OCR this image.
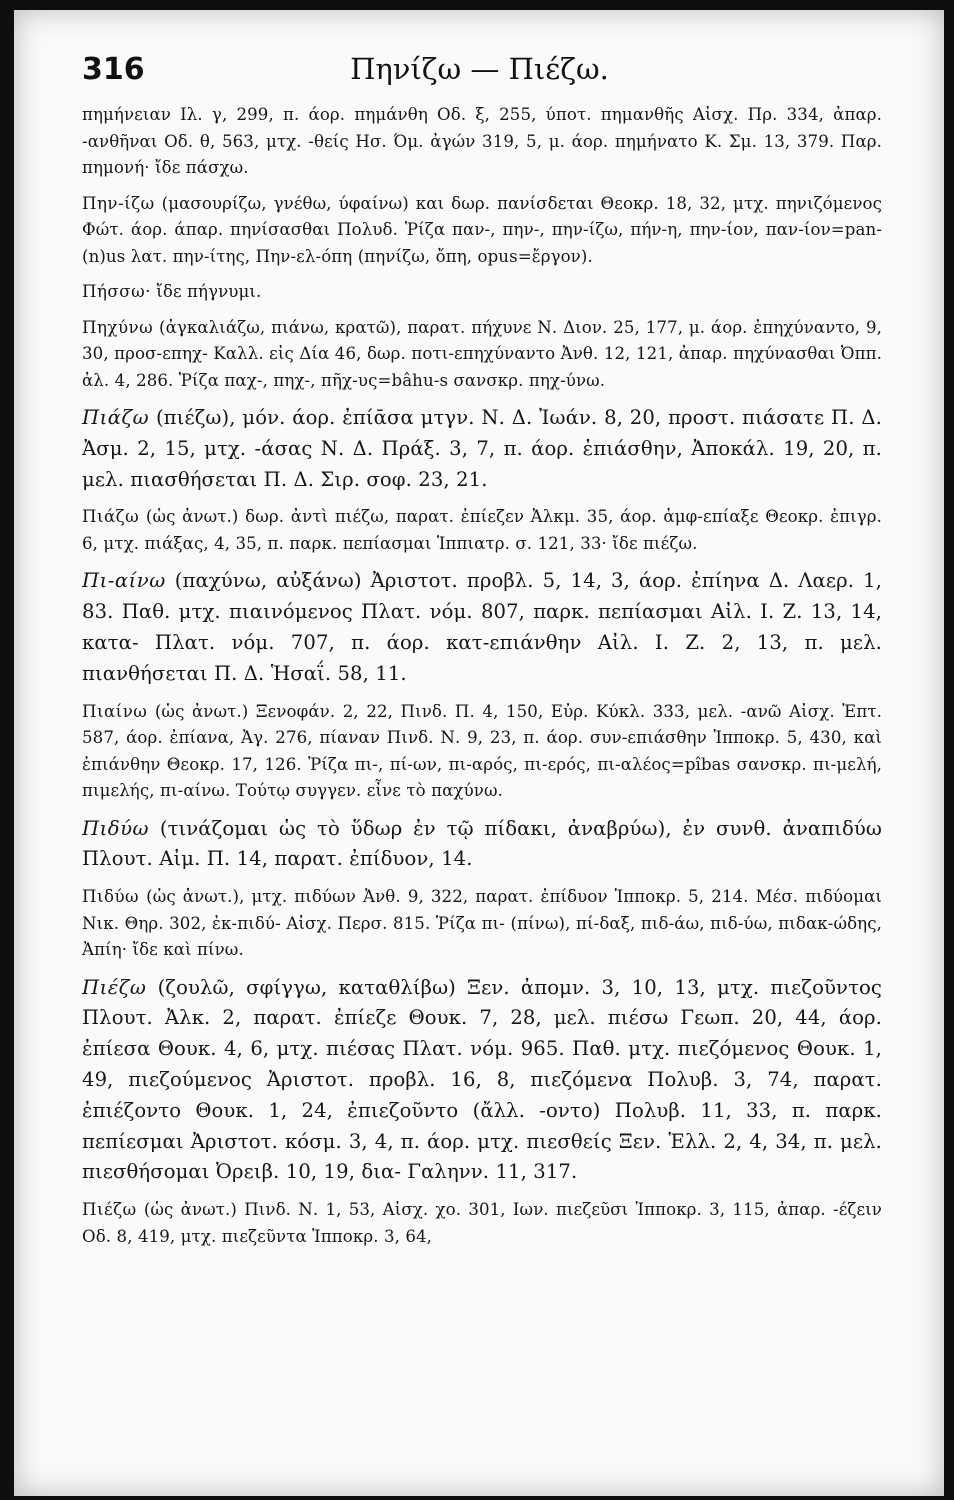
316	Πηνίζω — Πιέζω.

πημήνειαν Ιλ. γ, 299, π. άορ. πημάνθη Οδ. ξ, 255, ύποτ. πημανθῆς Αἰσχ. Πρ. 334, ἀπαρ. -ανθῆναι Οδ. θ, 563, μτχ. -θείς Ησ. Όμ. ἀγών 319, 5, μ. άορ. πημήνατο Κ. Σμ. 13, 379. Παρ. πημονή· ἴδε πάσχω.

Πην-ίζω (μασουρίζω, γνέθω, ύφαίνω) και δωρ. πανίσδεται Θεοκρ. 18, 32, μτχ. πηνιζόμενος Φώτ. άορ. άπαρ. πηνίσασθαι Πολυδ. Ῥίζα παν-, πην-, πην-ίζω, πήν-η, πην-ίον, παν-ίον=pan-(n)us λατ. πην-ίτης, Πην-ελ-όπη (πηνίζω, ὄπη, opus=ἔργον).

Πήσσω· ἴδε πήγνυμι.

Πηχύνω (ἀγκαλιάζω, πιάνω, κρατῶ), παρατ. πήχυνε Ν. Διον. 25, 177, μ. άορ. ἐπηχύναντο, 9, 30, προσ-επηχ- Καλλ. εἰς Δία 46, δωρ. ποτι-επηχύναντο Ἀνθ. 12, 121, ἀπαρ. πηχύνασθαι Ὀππ. ἁλ. 4, 286. Ῥίζα παχ-, πηχ-, πῆχ-υς=bâhu-s σανσκρ. πηχ-ύνω.

Πιάζω (πιέζω), μόν. άορ. ἐπίᾱσα μτγν. Ν. Δ. Ἰωάν. 8, 20, προστ. πιάσατε Π. Δ. Ἀσμ. 2, 15, μτχ. -άσας Ν. Δ. Πράξ. 3, 7, π. άορ. ἐπιάσθην, Ἀποκάλ. 19, 20, π. μελ. πιασθήσεται Π. Δ. Σιρ. σοφ. 23, 21.

Πιάζω (ὡς ἀνωτ.) δωρ. ἀντὶ πιέζω, παρατ. ἐπίεζεν Ἀλκμ. 35, άορ. ἀμφ-επίαξε Θεοκρ. ἐπιγρ. 6, μτχ. πιάξας, 4, 35, π. παρκ. πεπίασμαι Ἱππιατρ. σ. 121, 33· ἴδε πιέζω.

Πι-αίνω (παχύνω, αὐξάνω) Ἀριστοτ. προβλ. 5, 14, 3, άορ. ἐπίηνα Δ. Λαερ. 1, 83. Παθ. μτχ. πιαινόμενος Πλατ. νόμ. 807, παρκ. πεπίασμαι Αἰλ. Ι. Ζ. 13, 14, κατα- Πλατ. νόμ. 707, π. άορ. κατ-επιάνθην Αἰλ. Ι. Ζ. 2, 13, π. μελ. πιανθήσεται Π. Δ. Ἡσαΐ. 58, 11.

Πιαίνω (ὡς ἀνωτ.) Ξενοφάν. 2, 22, Πινδ. Π. 4, 150, Εὐρ. Κύκλ. 333, μελ. -ανῶ Αἰσχ. Ἑπτ. 587, άορ. ἐπίανα, Ἀγ. 276, πίαναν Πινδ. Ν. 9, 23, π. άορ. συν-επιάσθην Ἱπποκρ. 5, 430, καὶ ἐπιάνθην Θεοκρ. 17, 126. Ῥίζα πι-, πί-ων, πι-αρός, πι-ερός, πι-αλέος=pîbas σανσκρ. πι-μελή, πιμελής, πι-αίνω. Τούτῳ συγγεν. εἶνε τὸ παχύνω.

Πιδύω (τινάζομαι ὡς τὸ ὕδωρ ἐν τῷ πίδακι, ἀναβρύω), ἐν συνθ. ἀναπιδύω Πλουτ. Αἰμ. Π. 14, παρατ. ἐπίδυον, 14.

Πιδύω (ὡς ἀνωτ.), μτχ. πιδύων Ἀνθ. 9, 322, παρατ. ἐπίδυον Ἱπποκρ. 5, 214. Μέσ. πιδύομαι Νικ. Θηρ. 302, ἐκ-πιδύ- Αἰσχ. Περσ. 815. Ῥίζα πι- (πίνω), πί-δαξ, πιδ-άω, πιδ-ύω, πιδακ-ώδης, Ἀπίη· ἴδε καὶ πίνω.

Πιέζω (ζουλῶ, σφίγγω, καταθλίβω) Ξεν. ἀπομν. 3, 10, 13, μτχ. πιεζοῦντος Πλουτ. Ἀλκ. 2, παρατ. ἐπίεζε Θουκ. 7, 28, μελ. πιέσω Γεωπ. 20, 44, άορ. ἐπίεσα Θουκ. 4, 6, μτχ. πιέσας Πλατ. νόμ. 965. Παθ. μτχ. πιεζόμενος Θουκ. 1, 49, πιεζούμενος Ἀριστοτ. προβλ. 16, 8, πιεζόμενα Πολυβ. 3, 74, παρατ. ἐπιέζοντο Θουκ. 1, 24, ἐπιεζοῦντο (ἄλλ. -οντο) Πολυβ. 11, 33, π. παρκ. πεπίεσμαι Ἀριστοτ. κόσμ. 3, 4, π. άορ. μτχ. πιεσθείς Ξεν. Ἑλλ. 2, 4, 34, π. μελ. πιεσθήσομαι Ὀρειβ. 10, 19, δια- Γαληνν. 11, 317.

Πιέζω (ὡς ἀνωτ.) Πινδ. Ν. 1, 53, Αἰσχ. χο. 301, Ιων. πιεζεῦσι Ἱπποκρ. 3, 115, ἀπαρ. -έζειν Οδ. 8, 419, μτχ. πιεζεῦντα Ἱπποκρ. 3, 64,
